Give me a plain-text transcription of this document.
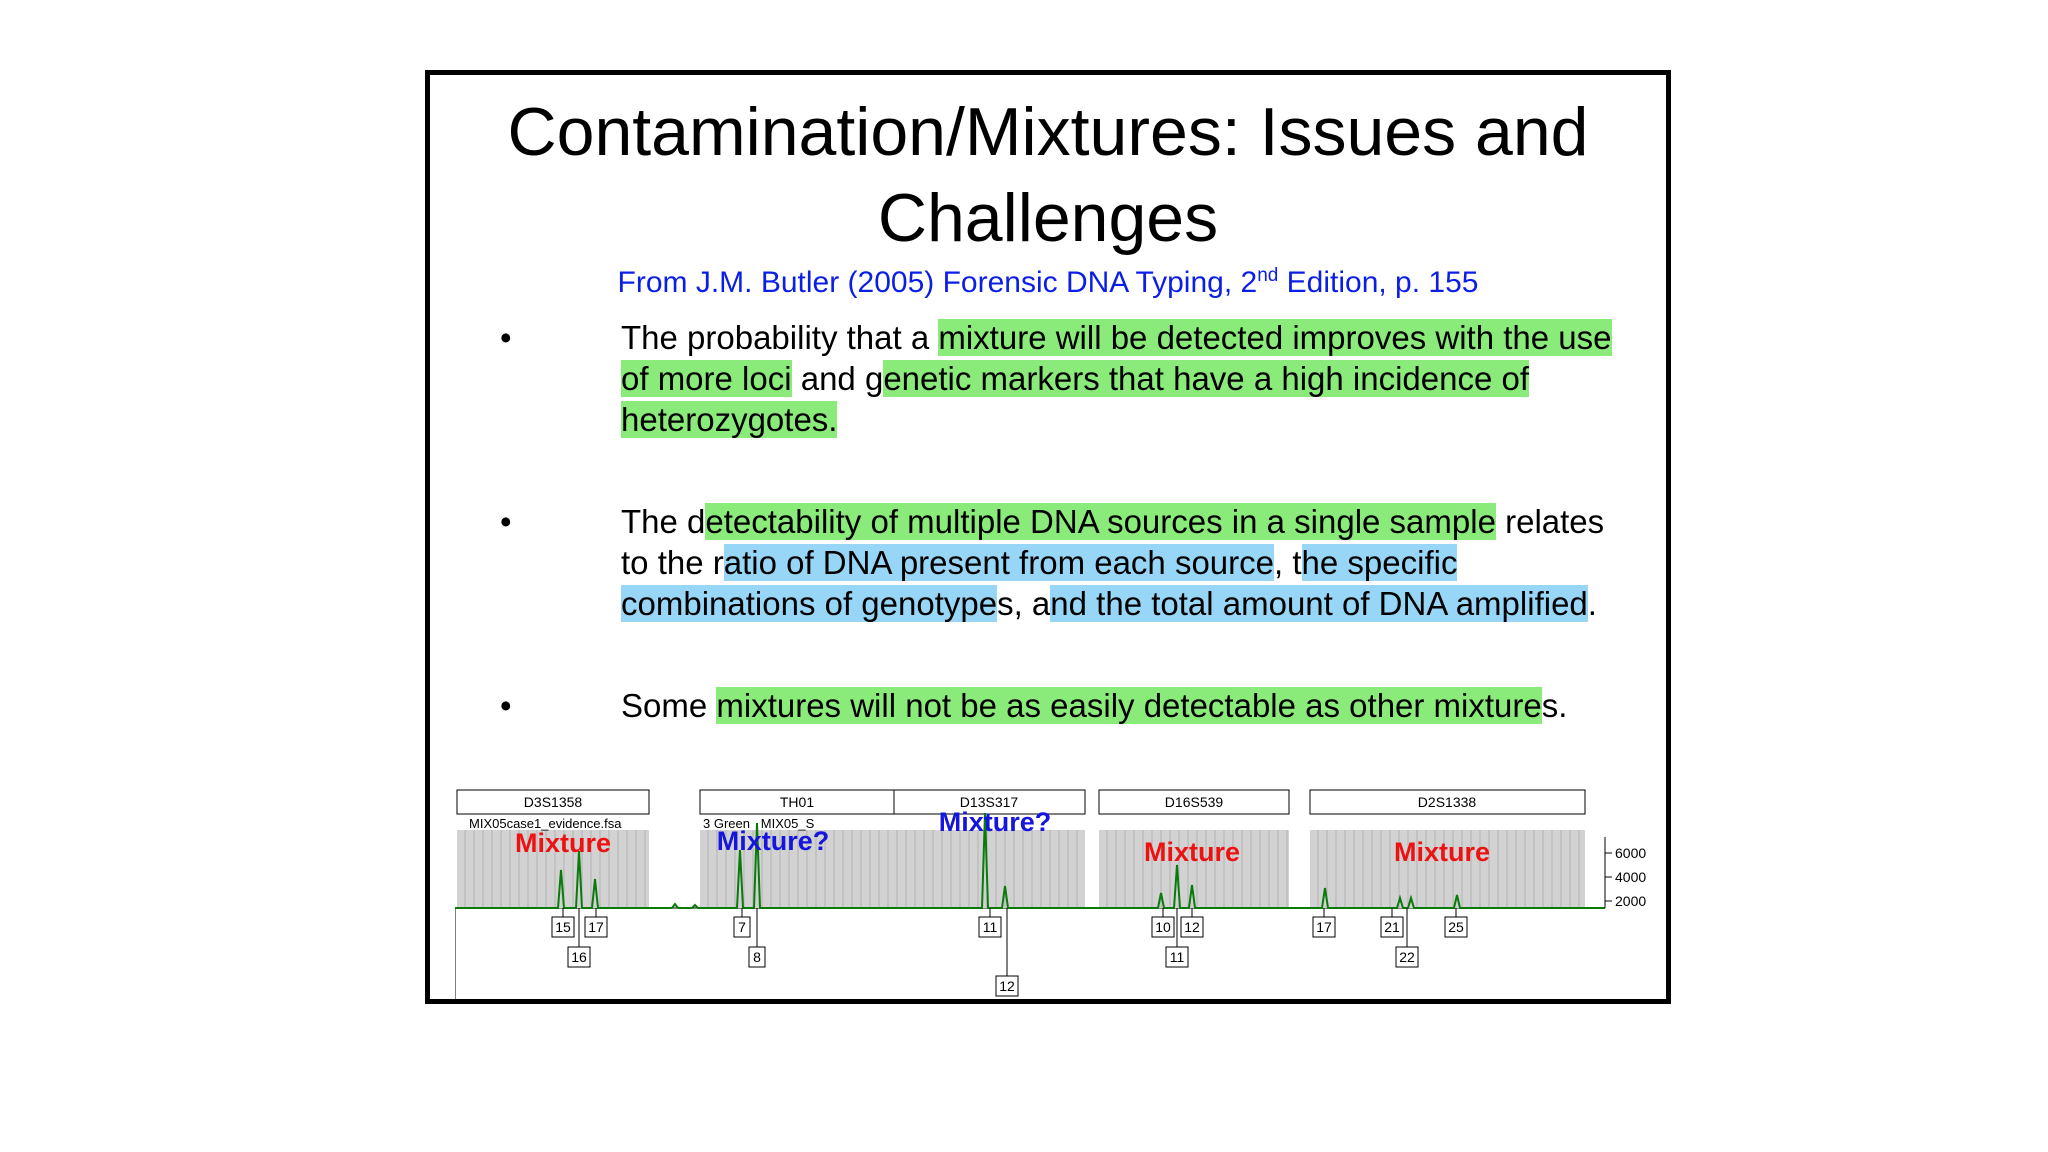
Contamination/Mixtures: Issues and
Challenges
From J.M. Butler (2005) Forensic DNA Typing, 2nd Edition, p. 155
•	The probability that a mixture will be detected improves with the use of more loci and genetic markers that have a high incidence of heterozygotes.
•	The detectability of multiple DNA sources in a single sample relates to the ratio of DNA present from each source, the specific combinations of genotypes, and the total amount of DNA amplified.
•	Some mixtures will not be as easily detectable as other mixtures.
D3S1358	TH01	D13S317	D16S539	D2S1338
MIX05case1_evidence.fsa	3 Green   MIX05_S
6000
4000
2000
Mixture	Mixture?
Mixture?
Mixture	Mixture
15 17
16
7
8
11
12
10 12
11
17	21	25
22
